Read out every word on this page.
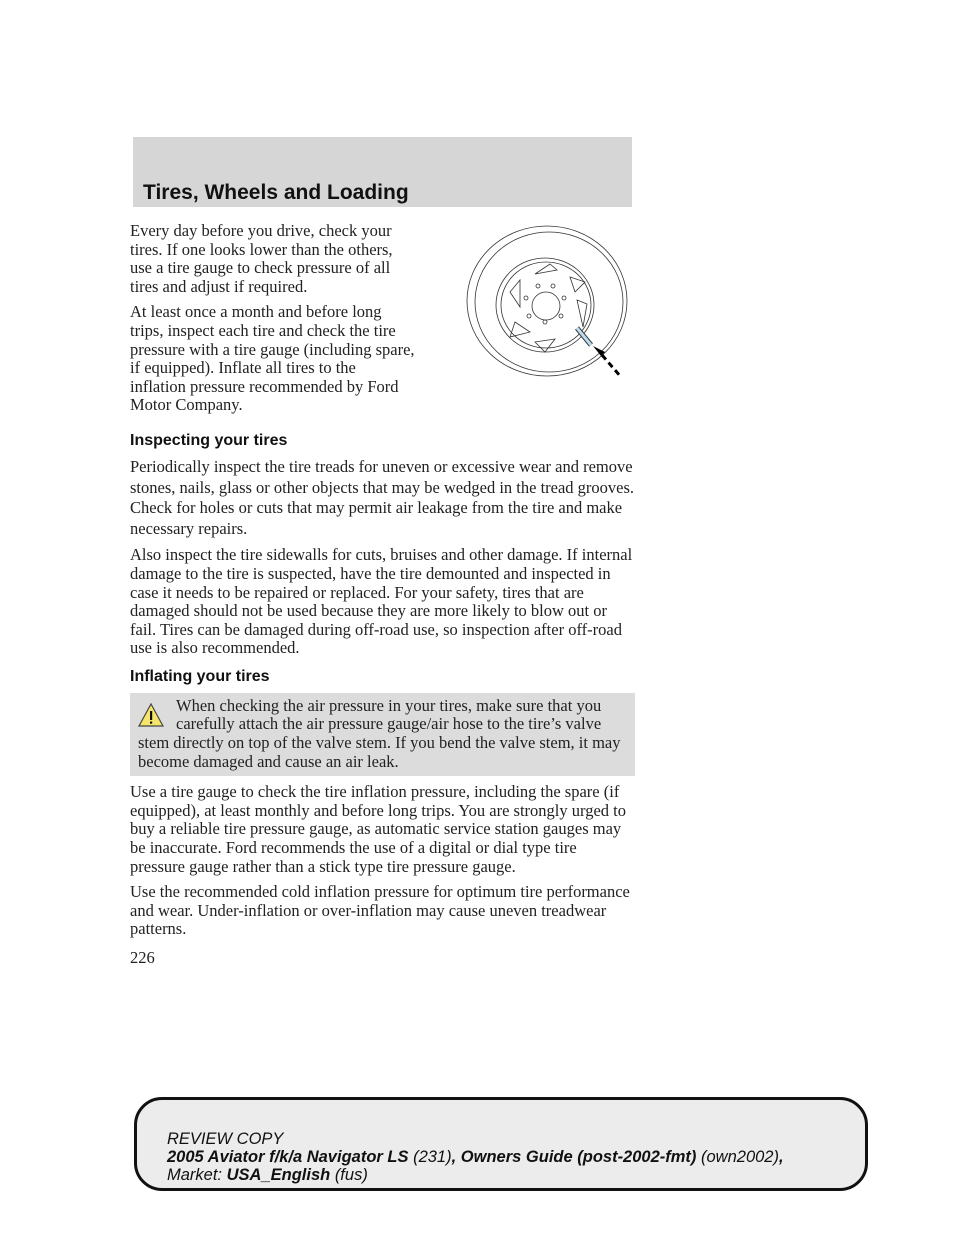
Tires, Wheels and Loading

Every day before you drive, check your tires. If one looks lower than the others, use a tire gauge to check pressure of all tires and adjust if required.

At least once a month and before long trips, inspect each tire and check the tire pressure with a tire gauge (including spare, if equipped). Inflate all tires to the inflation pressure recommended by Ford Motor Company.

Inspecting your tires

Periodically inspect the tire treads for uneven or excessive wear and remove stones, nails, glass or other objects that may be wedged in the tread grooves. Check for holes or cuts that may permit air leakage from the tire and make necessary repairs.

Also inspect the tire sidewalls for cuts, bruises and other damage. If internal damage to the tire is suspected, have the tire demounted and inspected in case it needs to be repaired or replaced. For your safety, tires that are damaged should not be used because they are more likely to blow out or fail. Tires can be damaged during off-road use, so inspection after off-road use is also recommended.

Inflating your tires

When checking the air pressure in your tires, make sure that you carefully attach the air pressure gauge/air hose to the tire’s valve stem directly on top of the valve stem. If you bend the valve stem, it may become damaged and cause an air leak.

Use a tire gauge to check the tire inflation pressure, including the spare (if equipped), at least monthly and before long trips. You are strongly urged to buy a reliable tire pressure gauge, as automatic service station gauges may be inaccurate. Ford recommends the use of a digital or dial type tire pressure gauge rather than a stick type tire pressure gauge.

Use the recommended cold inflation pressure for optimum tire performance and wear. Under-inflation or over-inflation may cause uneven treadwear patterns.

226

REVIEW COPY
2005 Aviator f/k/a Navigator LS (231), Owners Guide (post-2002-fmt) (own2002),
Market: USA_English (fus)
